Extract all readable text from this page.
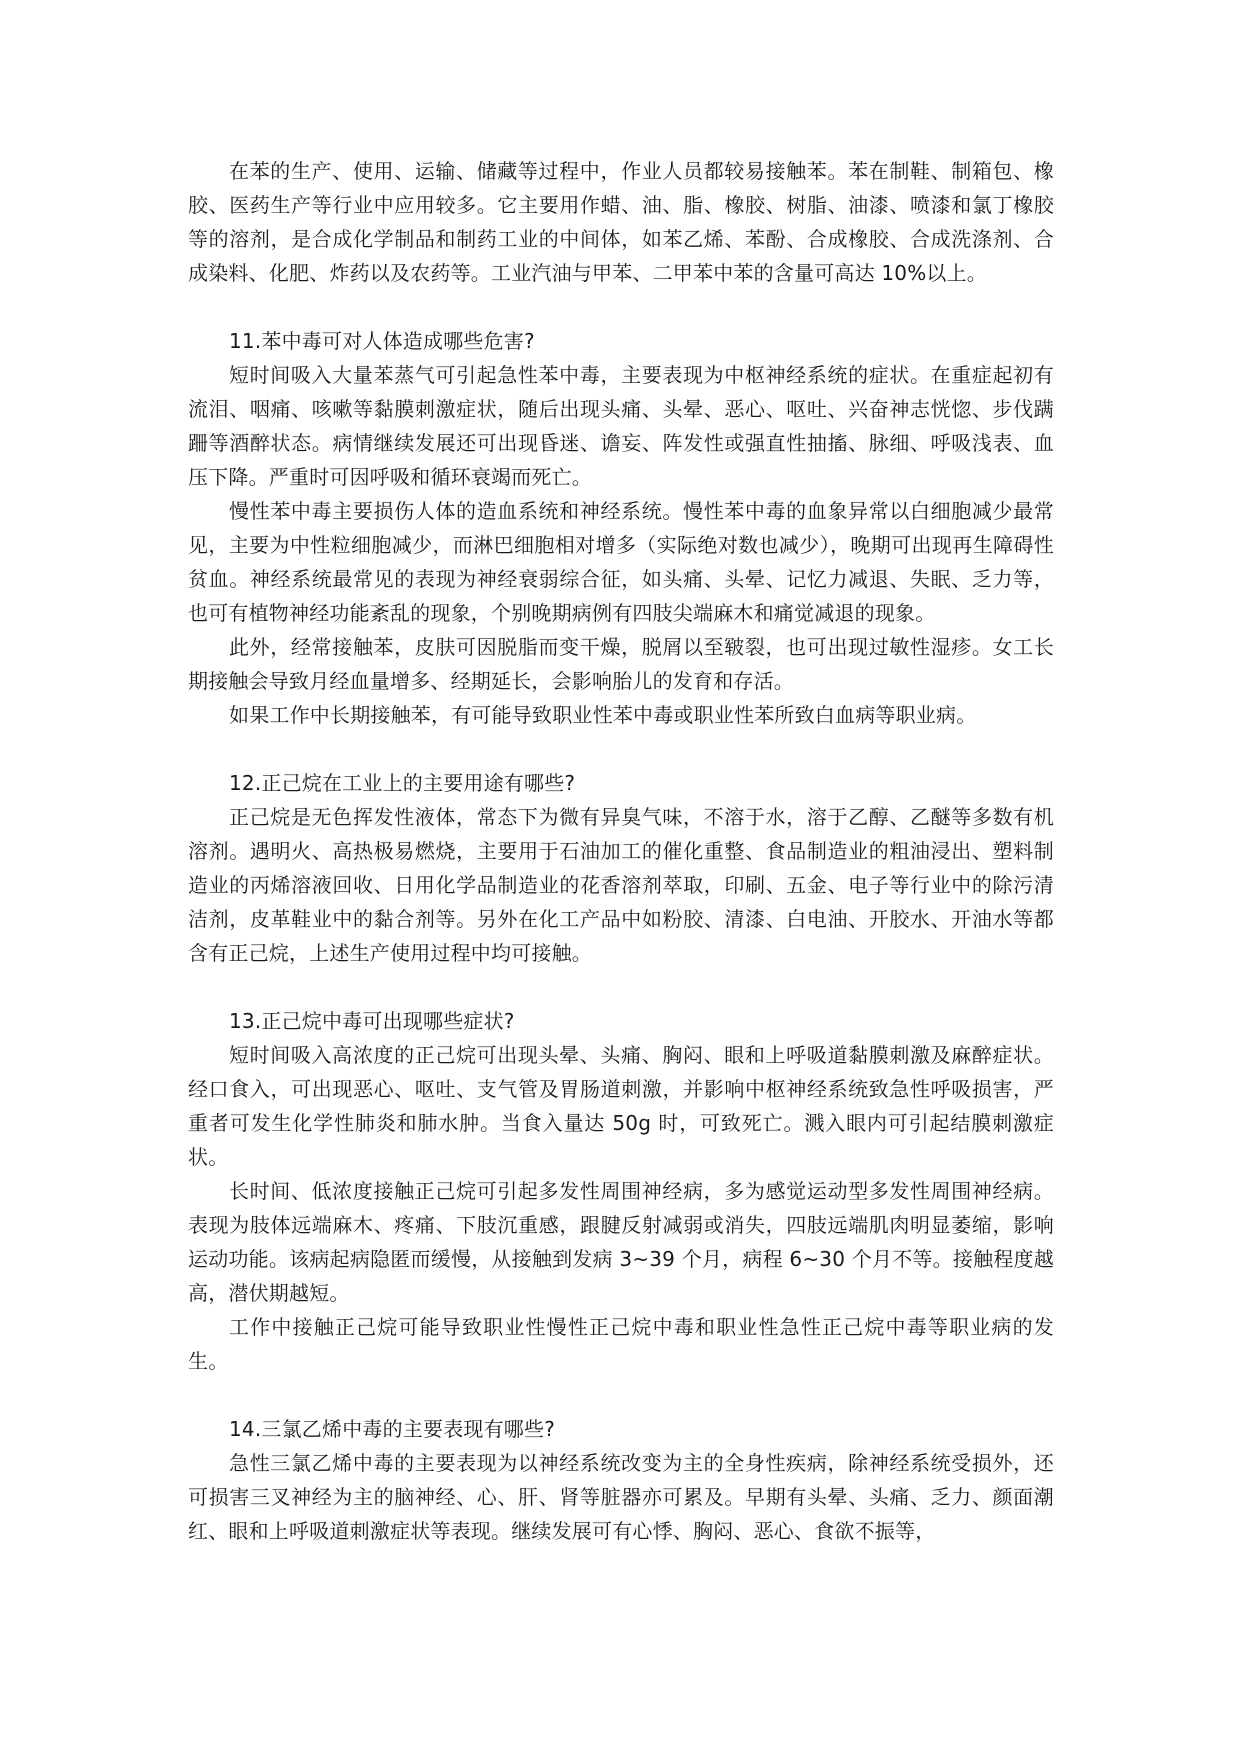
在苯的生产、使用、运输、储藏等过程中，作业人员都较易接触苯。苯在制鞋、制箱包、橡胶、医药生产等行业中应用较多。它主要用作蜡、油、脂、橡胶、树脂、油漆、喷漆和氯丁橡胶等的溶剂，是合成化学制品和制药工业的中间体，如苯乙烯、苯酚、合成橡胶、合成洗涤剂、合成染料、化肥、炸药以及农药等。工业汽油与甲苯、二甲苯中苯的含量可高达 10%以上。

11.苯中毒可对人体造成哪些危害?

短时间吸入大量苯蒸气可引起急性苯中毒，主要表现为中枢神经系统的症状。在重症起初有流泪、咽痛、咳嗽等黏膜刺激症状，随后出现头痛、头晕、恶心、呕吐、兴奋神志恍惚、步伐蹒跚等酒醉状态。病情继续发展还可出现昏迷、谵妄、阵发性或强直性抽搐、脉细、呼吸浅表、血压下降。严重时可因呼吸和循环衰竭而死亡。

慢性苯中毒主要损伤人体的造血系统和神经系统。慢性苯中毒的血象异常以白细胞减少最常见，主要为中性粒细胞减少，而淋巴细胞相对增多（实际绝对数也减少），晚期可出现再生障碍性贫血。神经系统最常见的表现为神经衰弱综合征，如头痛、头晕、记忆力减退、失眠、乏力等，也可有植物神经功能紊乱的现象，个别晚期病例有四肢尖端麻木和痛觉减退的现象。

此外，经常接触苯，皮肤可因脱脂而变干燥，脱屑以至皲裂，也可出现过敏性湿疹。女工长期接触会导致月经血量增多、经期延长，会影响胎儿的发育和存活。

如果工作中长期接触苯，有可能导致职业性苯中毒或职业性苯所致白血病等职业病。

12.正己烷在工业上的主要用途有哪些?

正己烷是无色挥发性液体，常态下为微有异臭气味，不溶于水，溶于乙醇、乙醚等多数有机溶剂。遇明火、高热极易燃烧，主要用于石油加工的催化重整、食品制造业的粗油浸出、塑料制造业的丙烯溶液回收、日用化学品制造业的花香溶剂萃取，印刷、五金、电子等行业中的除污清洁剂，皮革鞋业中的黏合剂等。另外在化工产品中如粉胶、清漆、白电油、开胶水、开油水等都含有正己烷，上述生产使用过程中均可接触。

13.正己烷中毒可出现哪些症状?

短时间吸入高浓度的正己烷可出现头晕、头痛、胸闷、眼和上呼吸道黏膜刺激及麻醉症状。经口食入，可出现恶心、呕吐、支气管及胃肠道刺激，并影响中枢神经系统致急性呼吸损害，严重者可发生化学性肺炎和肺水肿。当食入量达 50g 时，可致死亡。溅入眼内可引起结膜刺激症状。

长时间、低浓度接触正己烷可引起多发性周围神经病，多为感觉运动型多发性周围神经病。表现为肢体远端麻木、疼痛、下肢沉重感，跟腱反射减弱或消失，四肢远端肌肉明显萎缩，影响运动功能。该病起病隐匿而缓慢，从接触到发病 3~39 个月，病程 6~30 个月不等。接触程度越高，潜伏期越短。

工作中接触正己烷可能导致职业性慢性正己烷中毒和职业性急性正己烷中毒等职业病的发生。

14.三氯乙烯中毒的主要表现有哪些?

急性三氯乙烯中毒的主要表现为以神经系统改变为主的全身性疾病，除神经系统受损外，还可损害三叉神经为主的脑神经、心、肝、肾等脏器亦可累及。早期有头晕、头痛、乏力、颜面潮红、眼和上呼吸道刺激症状等表现。继续发展可有心悸、胸闷、恶心、食欲不振等，
